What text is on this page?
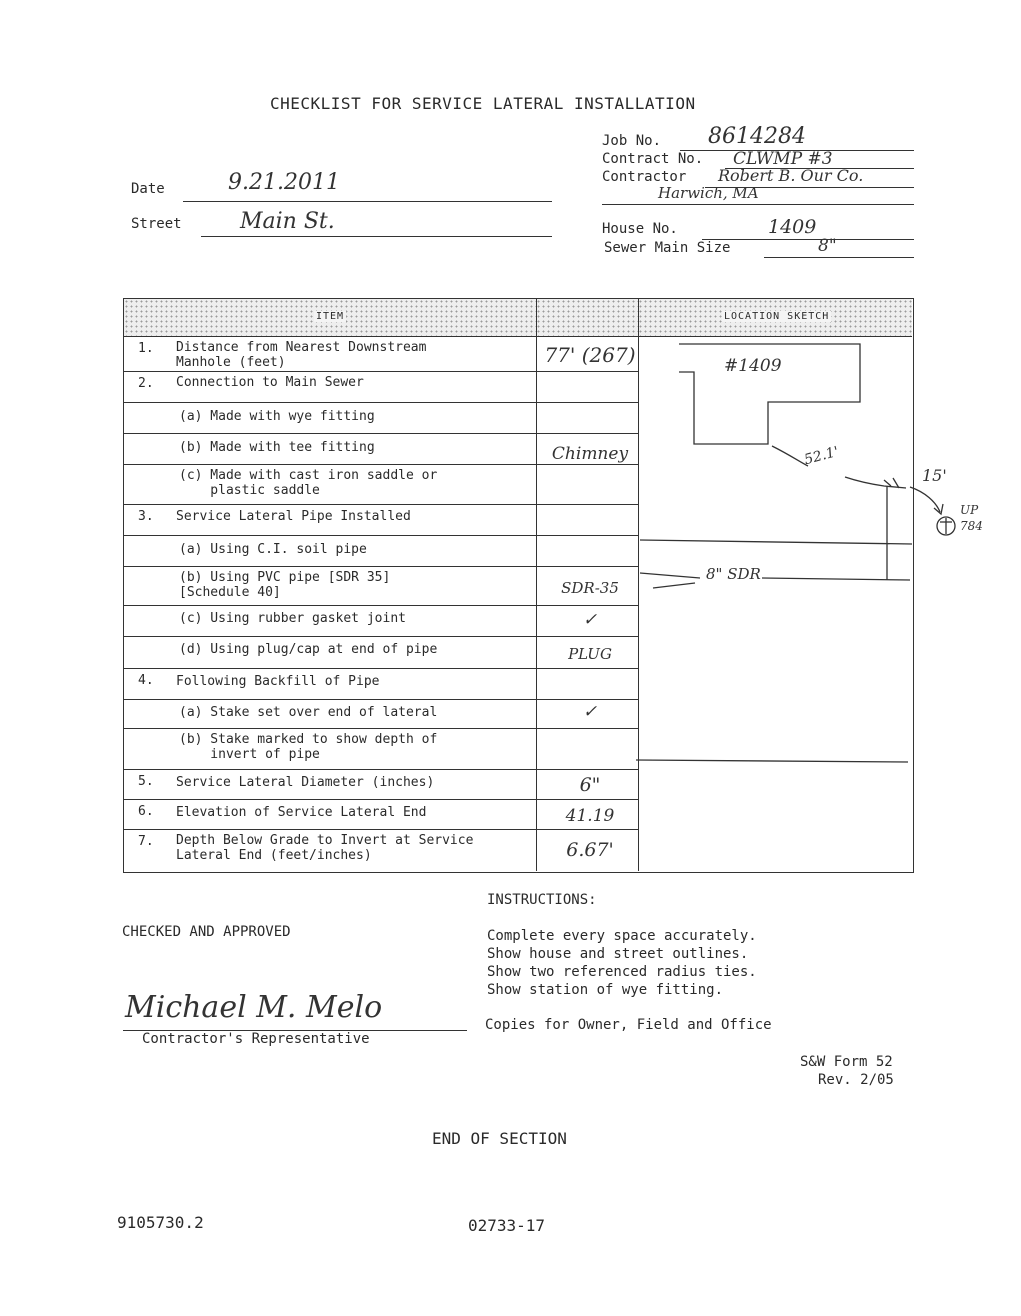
CHECKLIST FOR SERVICE LATERAL INSTALLATION
Job No. 8614284
Contract No. CLWMP #3
Contractor Robert B. Our Co.
Harwich, MA
House No.	1409
Sewer Main Size	8"
Date	9.21.2011
Street	Main St.
ITEM	LOCATION SKETCH
1. Distance from Nearest Downstream
Manhole (feet)	77' (267)
2. Connection to Main Sewer
(a) Made with wye fitting
(b) Made with tee fitting	Chimney
(c) Made with cast iron saddle or
plastic saddle
3. Service Lateral Pipe Installed
(a) Using C.I. soil pipe
(b) Using PVC pipe [SDR 35]
[Schedule 40]	SDR-35
(c) Using rubber gasket joint	✓
(d) Using plug/cap at end of pipe	PLUG
4. Following Backfill of Pipe
(a) Stake set over end of lateral	✓
(b) Stake marked to show depth of
invert of pipe
5. Service Lateral Diameter (inches)	6"
6. Elevation of Service Lateral End	41.19
7. Depth Below Grade to Invert at Service
Lateral End (feet/inches)	6.67'
#1409
52.1'
15'
UP 784
8" SDR
INSTRUCTIONS:
Complete every space accurately.
Show house and street outlines.
Show two referenced radius ties.
Show station of wye fitting.
Copies for Owner, Field and Office
CHECKED AND APPROVED
Michael M. Melo
Contractor's Representative
S&W Form 52
Rev. 2/05
END OF SECTION
9105730.2	02733-17
